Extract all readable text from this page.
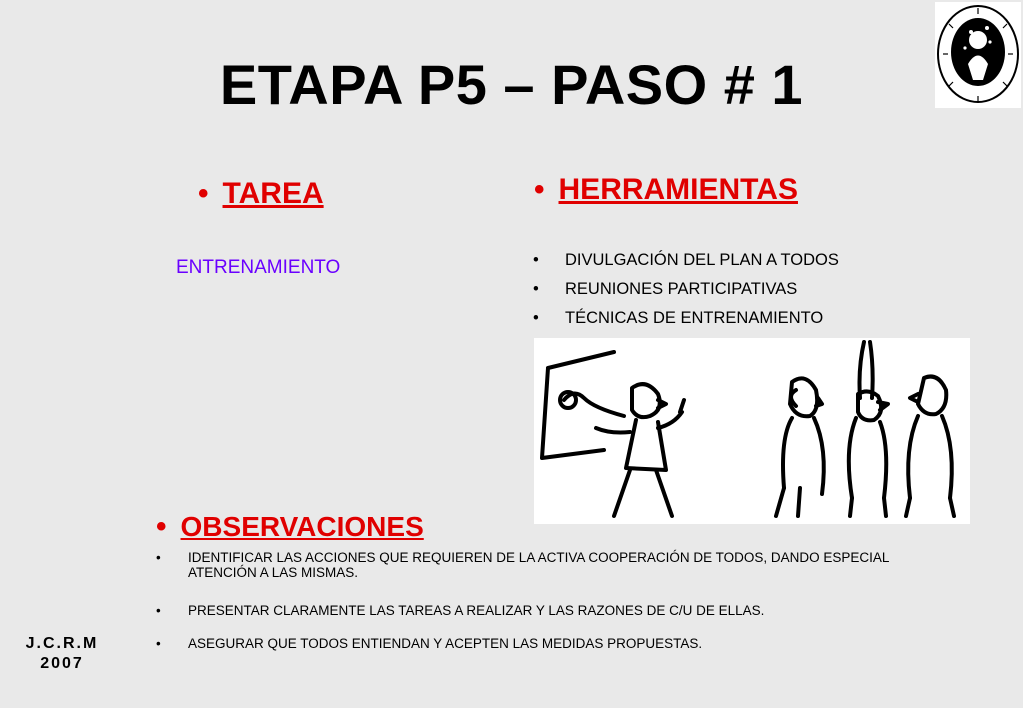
ETAPA P5 – PASO # 1
• TAREA
ENTRENAMIENTO
• HERRAMIENTAS
• DIVULGACIÓN DEL PLAN A TODOS
• REUNIONES PARTICIPATIVAS
• TÉCNICAS DE ENTRENAMIENTO
• OBSERVACIONES
• IDENTIFICAR LAS ACCIONES QUE REQUIEREN DE LA ACTIVA COOPERACIÓN DE TODOS, DANDO ESPECIAL ATENCIÓN A LAS MISMAS.
• PRESENTAR CLARAMENTE LAS TAREAS A REALIZAR Y LAS RAZONES DE C/U DE ELLAS.
• ASEGURAR QUE TODOS ENTIENDAN Y ACEPTEN LAS MEDIDAS PROPUESTAS.
J.C.R.M
2007
